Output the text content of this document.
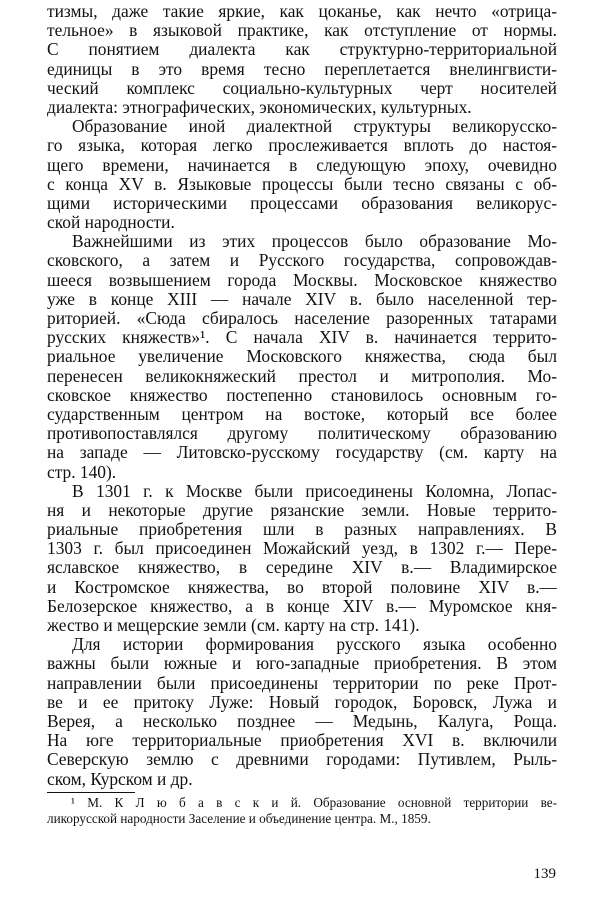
тизмы, даже такие яркие, как цоканье, как нечто «отрица-
тельное» в языковой практике, как отступление от нормы.
С понятием диалекта как структурно-территориальной
единицы в это время тесно переплетается внелингвисти-
ческий комплекс социально-культурных черт носителей
диалекта: этнографических, экономических, культурных.
Образование иной диалектной структуры великорусско-
го языка, которая легко прослеживается вплоть до настоя-
щего времени, начинается в следующую эпоху, очевидно
с конца XV в. Языковые процессы были тесно связаны с об-
щими историческими процессами образования великорус-
ской народности.
Важнейшими из этих процессов было образование Мо-
сковского, а затем и Русского государства, сопровождав-
шееся возвышением города Москвы. Московское княжество
уже в конце XIII — начале XIV в. было населенной тер-
риторией. «Сюда сбиралось население разоренных татарами
русских княжеств»¹. С начала XIV в. начинается террито-
риальное увеличение Московского княжества, сюда был
перенесен великокняжеский престол и митрополия. Мо-
сковское княжество постепенно становилось основным го-
сударственным центром на востоке, который все более
противопоставлялся другому политическому образованию
на западе — Литовско-русскому государству (см. карту на
стр. 140).
В 1301 г. к Москве были присоединены Коломна, Лопас-
ня и некоторые другие рязанские земли. Новые террито-
риальные приобретения шли в разных направлениях. В
1303 г. был присоединен Можайский уезд, в 1302 г.— Пере-
яславское княжество, в середине XIV в.— Владимирское
и Костромское княжества, во второй половине XIV в.—
Белозерское княжество, а в конце XIV в.— Муромское кня-
жество и мещерские земли (см. карту на стр. 141).
Для истории формирования русского языка особенно
важны были южные и юго-западные приобретения. В этом
направлении были присоединены территории по реке Прот-
ве и ее притоку Луже: Новый городок, Боровск, Лужа и
Верея, а несколько позднее — Медынь, Калуга, Роща.
На юге территориальные приобретения XVI в. включили
Северскую землю с древними городами: Путивлем, Рыль-
ском, Курском и др.
¹ М. К Л ю б а в с к и й. Образование основной территории ве-
ликорусской народности Заселение и объединение центра. М., 1859.
139
